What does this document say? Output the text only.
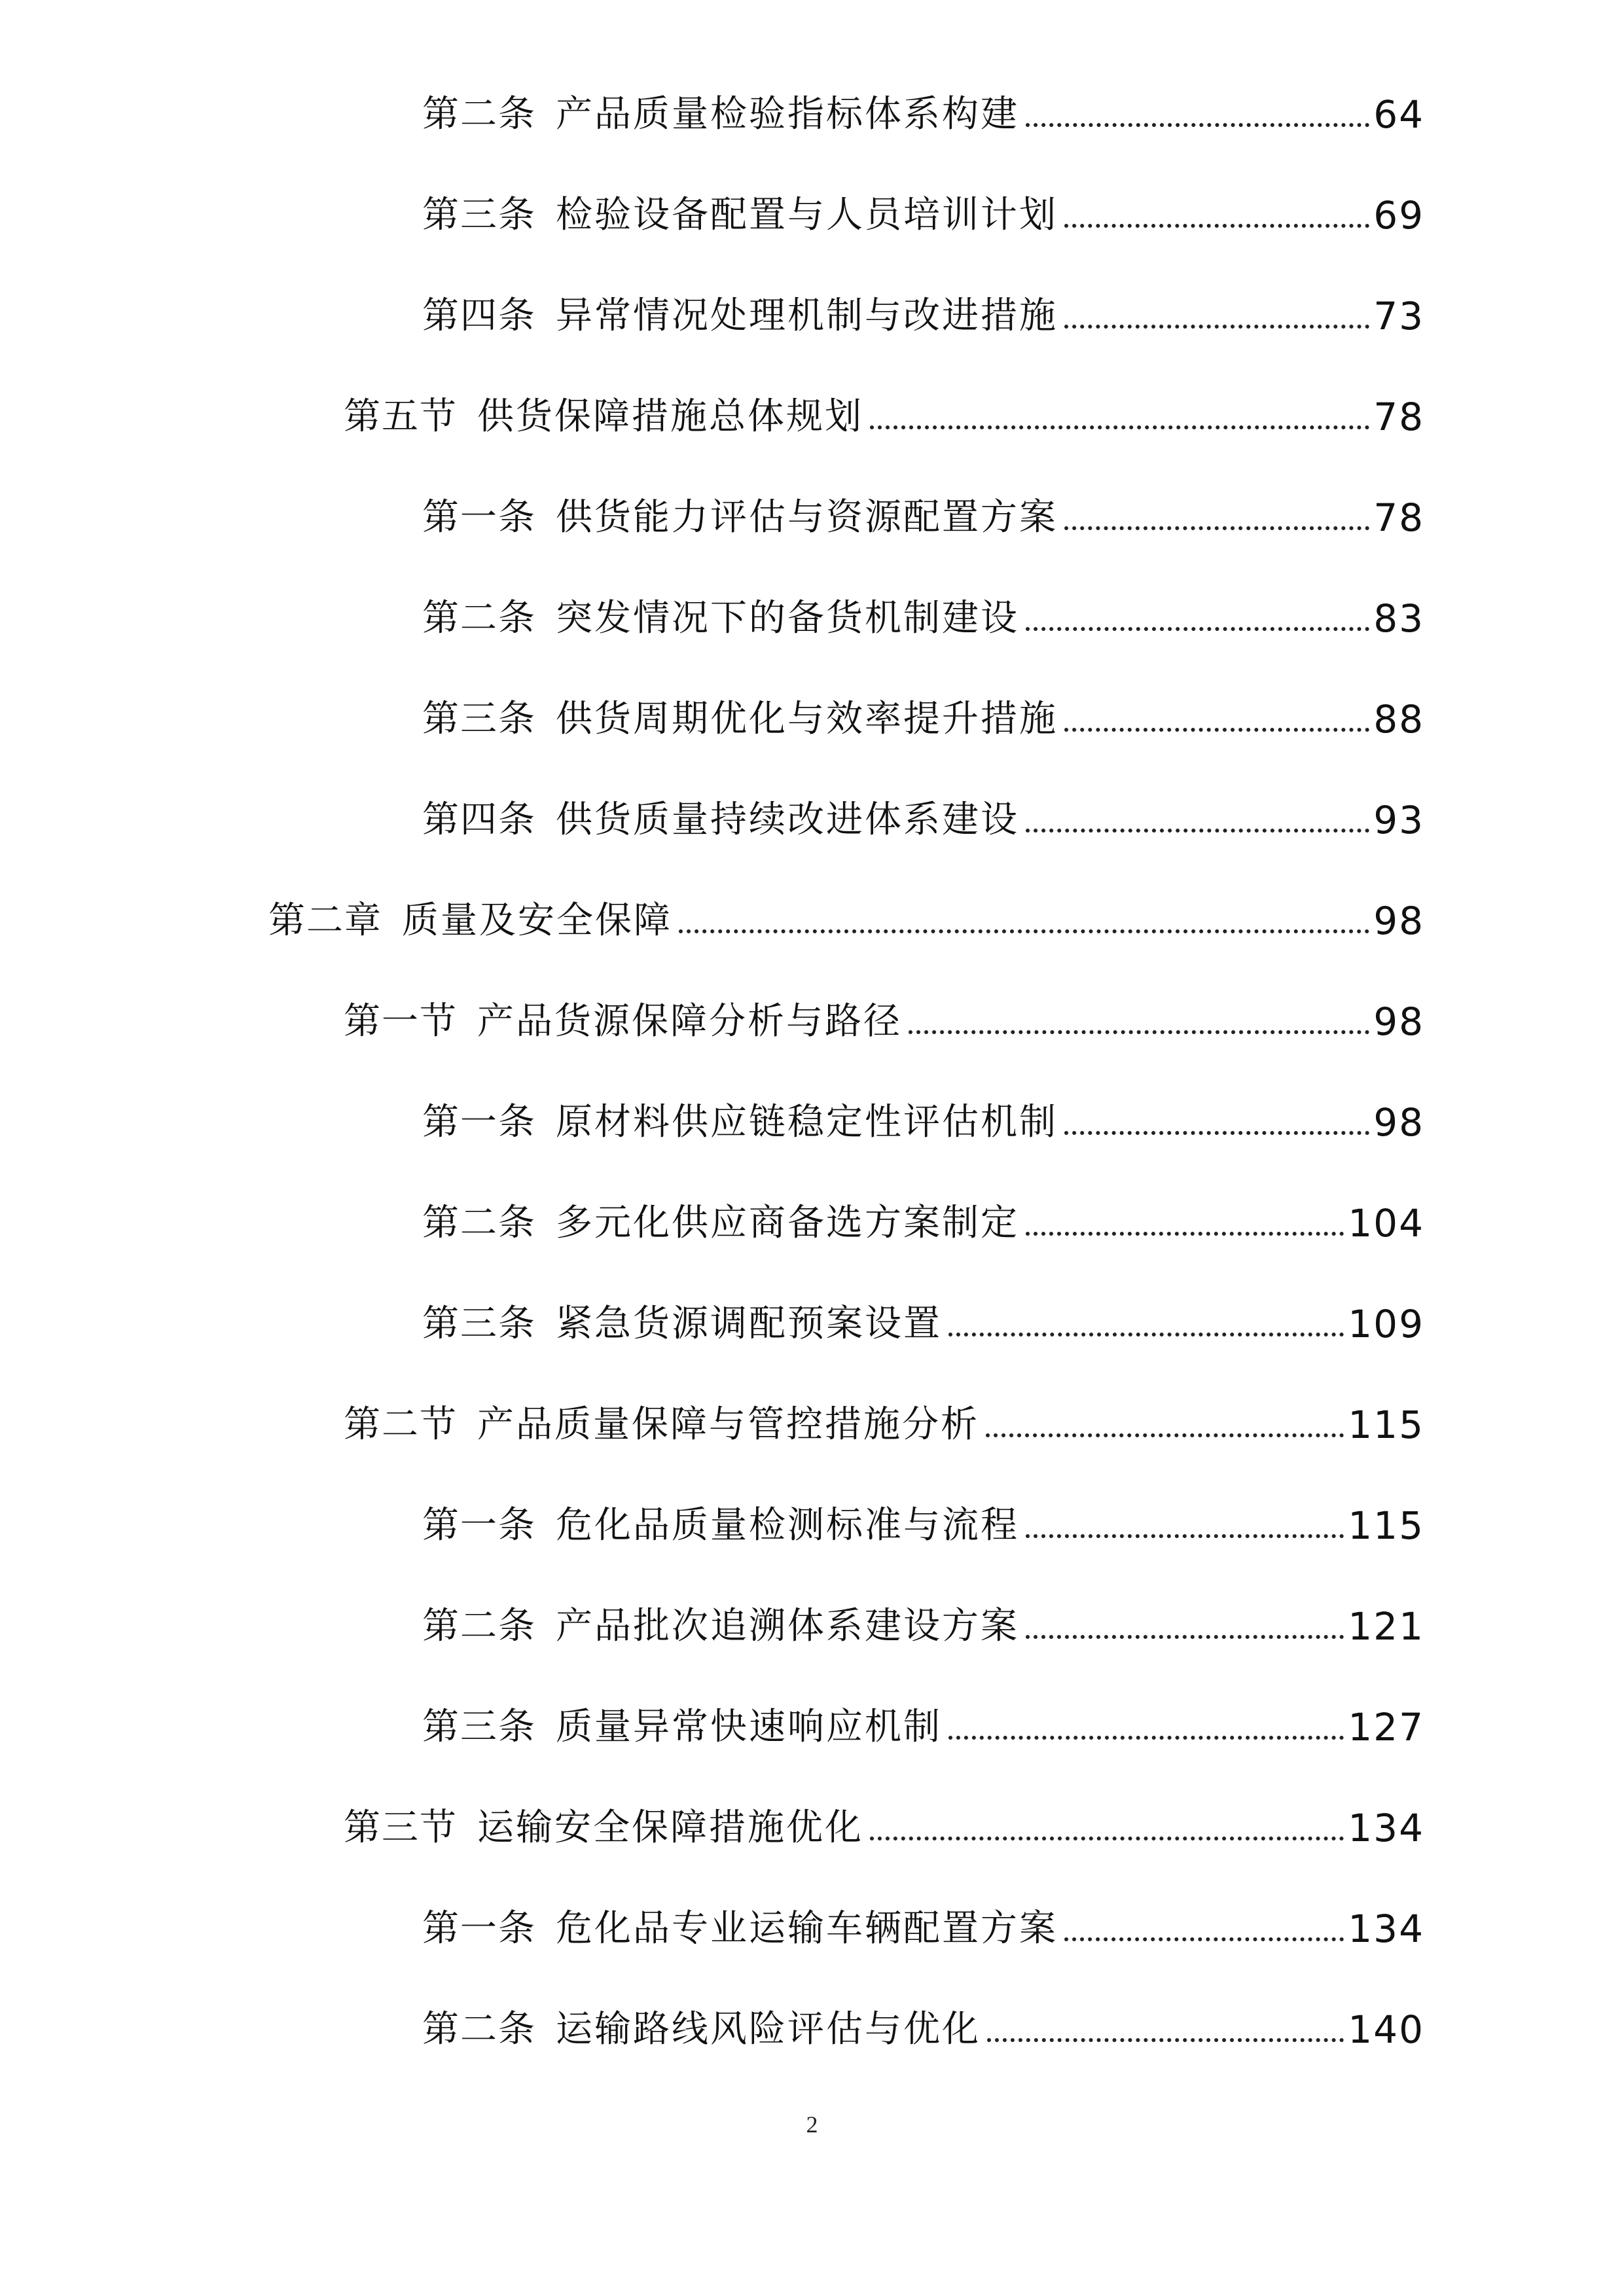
第二条 产品质量检验指标体系构建	64
第三条 检验设备配置与人员培训计划	69
第四条 异常情况处理机制与改进措施	73
第五节 供货保障措施总体规划	78
第一条 供货能力评估与资源配置方案	78
第二条 突发情况下的备货机制建设	83
第三条 供货周期优化与效率提升措施	88
第四条 供货质量持续改进体系建设	93
第二章 质量及安全保障	98
第一节 产品货源保障分析与路径	98
第一条 原材料供应链稳定性评估机制	98
第二条 多元化供应商备选方案制定	104
第三条 紧急货源调配预案设置	109
第二节 产品质量保障与管控措施分析	115
第一条 危化品质量检测标准与流程	115
第二条 产品批次追溯体系建设方案	121
第三条 质量异常快速响应机制	127
第三节 运输安全保障措施优化	134
第一条 危化品专业运输车辆配置方案	134
第二条 运输路线风险评估与优化	140
2
